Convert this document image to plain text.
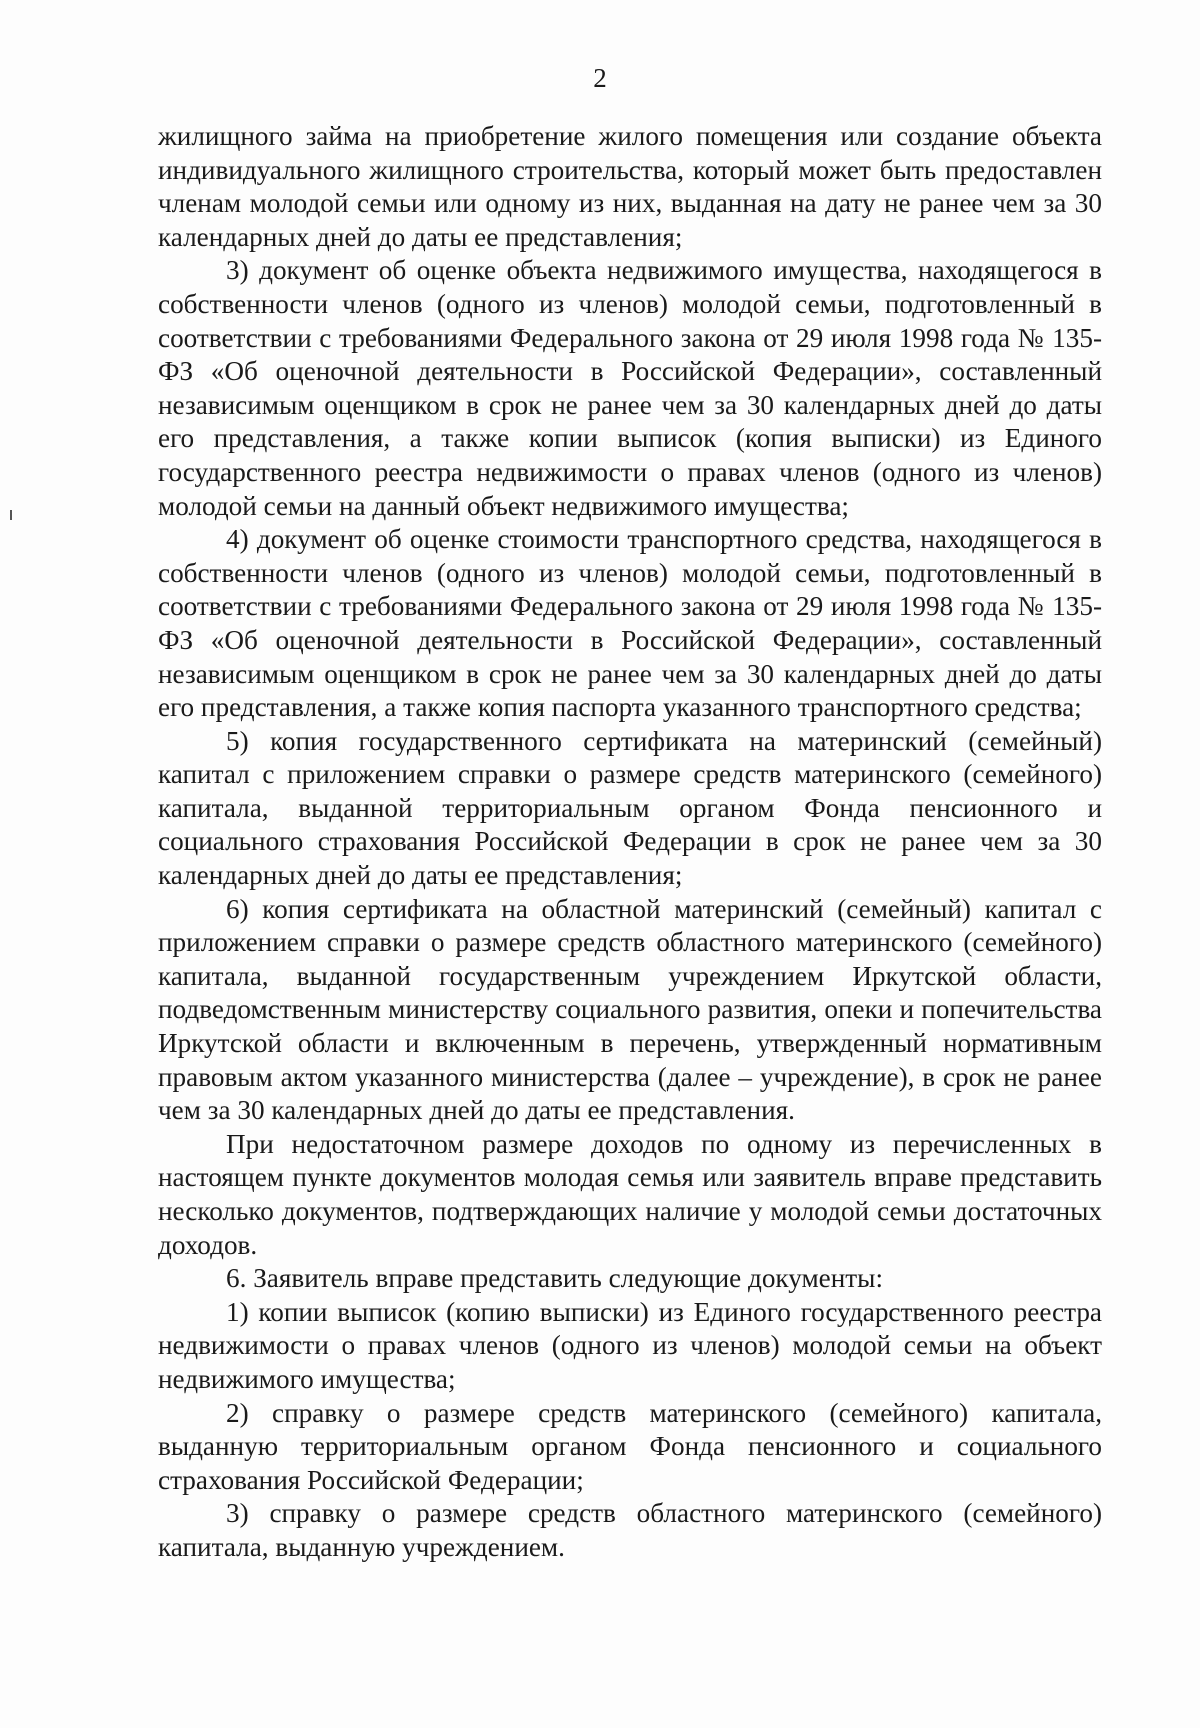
2

жилищного займа на приобретение жилого помещения или создание объекта индивидуального жилищного строительства, который может быть предоставлен членам молодой семьи или одному из них, выданная на дату не ранее чем за 30 календарных дней до даты ее представления;

3) документ об оценке объекта недвижимого имущества, находящегося в собственности членов (одного из членов) молодой семьи, подготовленный в соответствии с требованиями Федерального закона от 29 июля 1998 года № 135-ФЗ «Об оценочной деятельности в Российской Федерации», составленный независимым оценщиком в срок не ранее чем за 30 календарных дней до даты его представления, а также копии выписок (копия выписки) из Единого государственного реестра недвижимости о правах членов (одного из членов) молодой семьи на данный объект недвижимого имущества;

4) документ об оценке стоимости транспортного средства, находящегося в собственности членов (одного из членов) молодой семьи, подготовленный в соответствии с требованиями Федерального закона от 29 июля 1998 года № 135-ФЗ «Об оценочной деятельности в Российской Федерации», составленный независимым оценщиком в срок не ранее чем за 30 календарных дней до даты его представления, а также копия паспорта указанного транспортного средства;

5) копия государственного сертификата на материнский (семейный) капитал с приложением справки о размере средств материнского (семейного) капитала, выданной территориальным органом Фонда пенсионного и социального страхования Российской Федерации в срок не ранее чем за 30 календарных дней до даты ее представления;

6) копия сертификата на областной материнский (семейный) капитал с приложением справки о размере средств областного материнского (семейного) капитала, выданной государственным учреждением Иркутской области, подведомственным министерству социального развития, опеки и попечительства Иркутской области и включенным в перечень, утвержденный нормативным правовым актом указанного министерства (далее – учреждение), в срок не ранее чем за 30 календарных дней до даты ее представления.

При недостаточном размере доходов по одному из перечисленных в настоящем пункте документов молодая семья или заявитель вправе представить несколько документов, подтверждающих наличие у молодой семьи достаточных доходов.

6. Заявитель вправе представить следующие документы:

1) копии выписок (копию выписки) из Единого государственного реестра недвижимости о правах членов (одного из членов) молодой семьи на объект недвижимого имущества;

2) справку о размере средств материнского (семейного) капитала, выданную территориальным органом Фонда пенсионного и социального страхования Российской Федерации;

3) справку о размере средств областного материнского (семейного) капитала, выданную учреждением.
